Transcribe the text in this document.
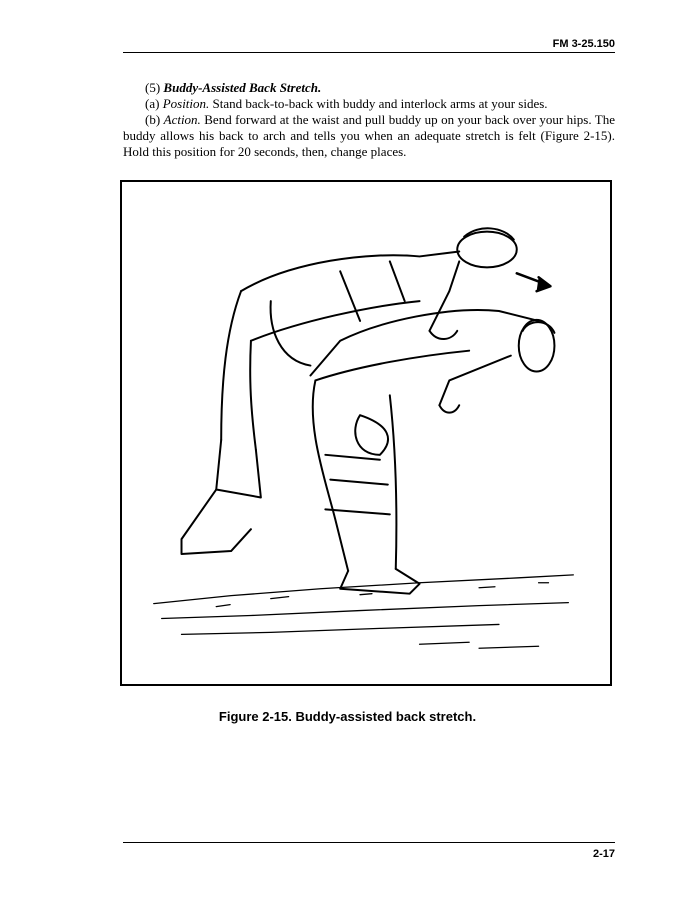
FM 3-25.150

(5) Buddy-Assisted Back Stretch.

(a) Position. Stand back-to-back with buddy and interlock arms at your sides.

(b) Action. Bend forward at the waist and pull buddy up on your back over your hips. The buddy allows his back to arch and tells you when an adequate stretch is felt (Figure 2-15). Hold this position for 20 seconds, then, change places.

Figure 2-15. Buddy-assisted back stretch.
2-17
